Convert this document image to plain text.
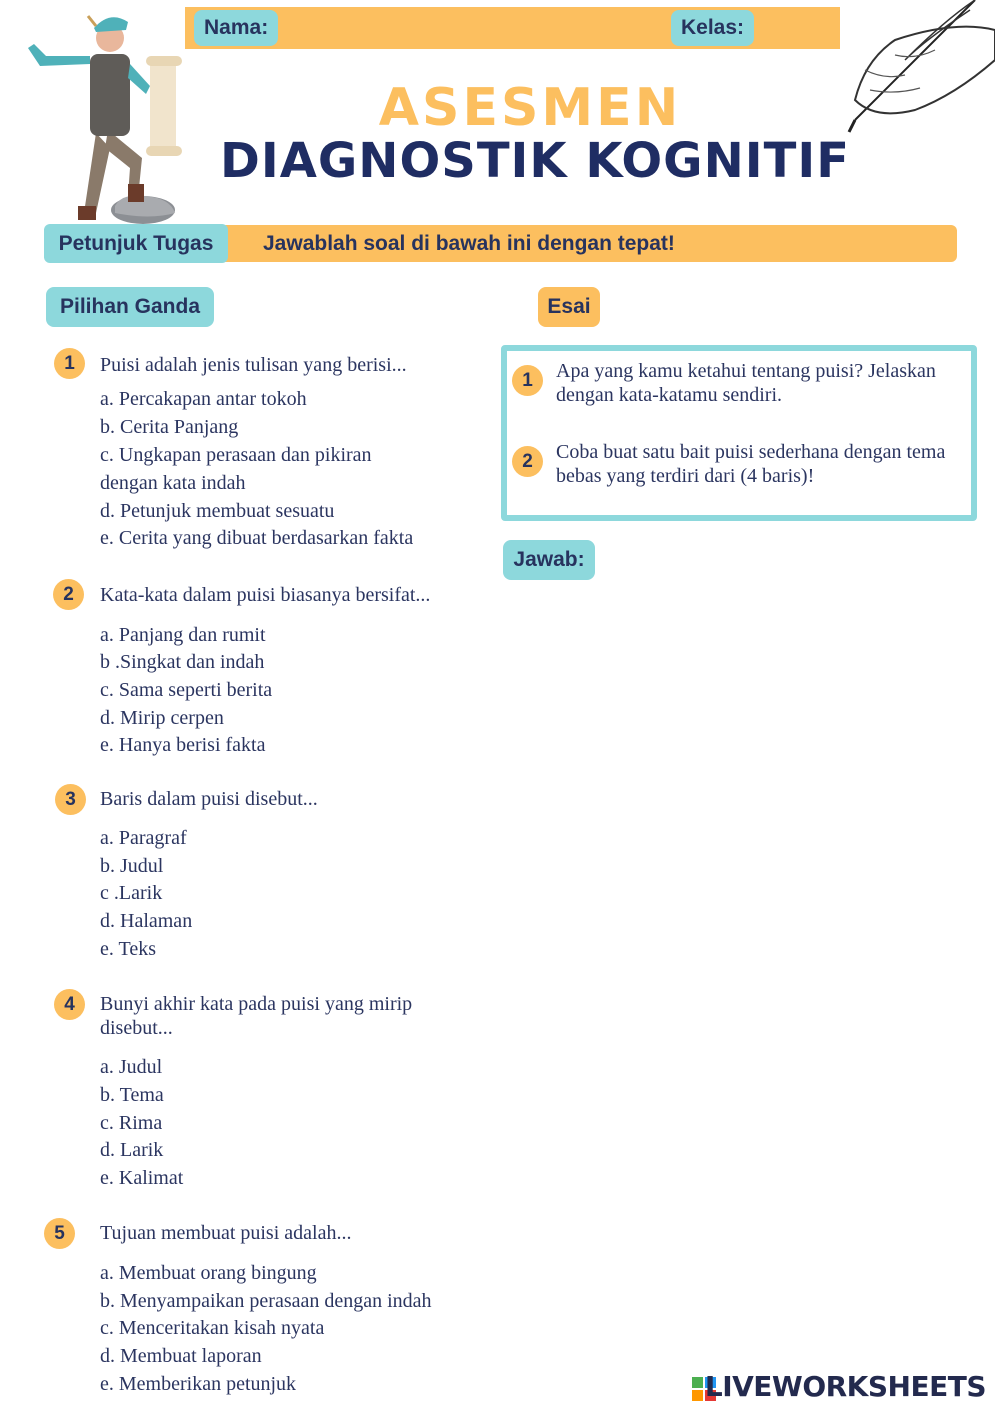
Nama:	Kelas:
ASESMEN
DIAGNOSTIK KOGNITIF
Petunjuk Tugas	Jawablah soal di bawah ini dengan tepat!
Pilihan Ganda	Esai
1	Puisi adalah jenis tulisan yang berisi...
a. Percakapan antar tokoh
b. Cerita Panjang
c. Ungkapan perasaan dan pikiran dengan kata indah
d. Petunjuk membuat sesuatu
e. Cerita yang dibuat berdasarkan fakta
2	Kata-kata dalam puisi biasanya bersifat...
a. Panjang dan rumit
b .Singkat dan indah
c. Sama seperti berita
d. Mirip cerpen
e. Hanya berisi fakta
3	Baris dalam puisi disebut...
a. Paragraf
b. Judul
c .Larik
d. Halaman
e. Teks
4	Bunyi akhir kata pada puisi yang mirip disebut...
a. Judul
b. Tema
c. Rima
d. Larik
e. Kalimat
5	Tujuan membuat puisi adalah...
a. Membuat orang bingung
b. Menyampaikan perasaan dengan indah
c. Menceritakan kisah nyata
d. Membuat laporan
e. Memberikan petunjuk
1	Apa yang kamu ketahui tentang puisi? Jelaskan dengan kata-katamu sendiri.
2	Coba buat satu bait puisi sederhana dengan tema bebas yang terdiri dari (4 baris)!
Jawab:
LIVEWORKSHEETS
